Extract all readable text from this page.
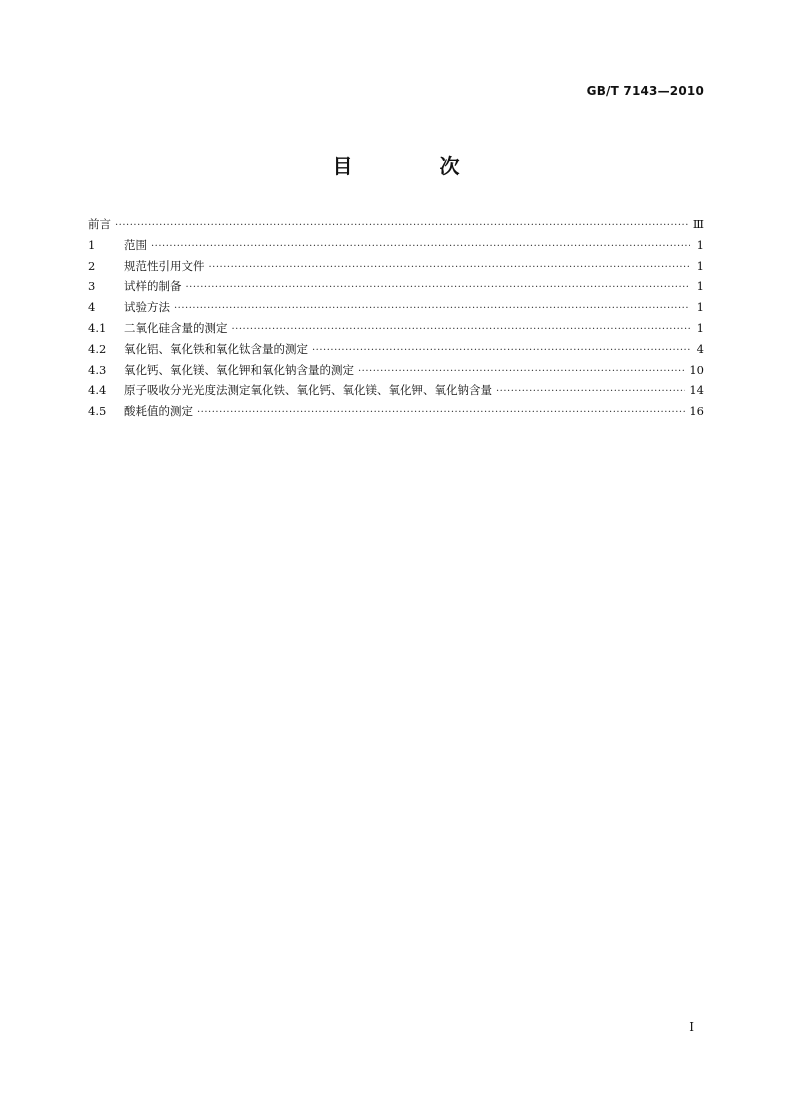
GB/T 7143—2010
目 次
前言 ·····	Ⅲ
1	范围 ·····	1
2	规范性引用文件 ·····	1
3	试样的制备 ·····	1
4	试验方法 ·····	1
4.1	二氧化硅含量的测定 ·····	1
4.2	氧化铝、氧化铁和氧化钛含量的测定 ·····	4
4.3	氧化钙、氧化镁、氧化钾和氧化钠含量的测定 ·····	10
4.4	原子吸收分光光度法测定氧化铁、氧化钙、氧化镁、氧化钾、氧化钠含量 ·····	14
4.5	酸耗值的测定 ·····	16
I
